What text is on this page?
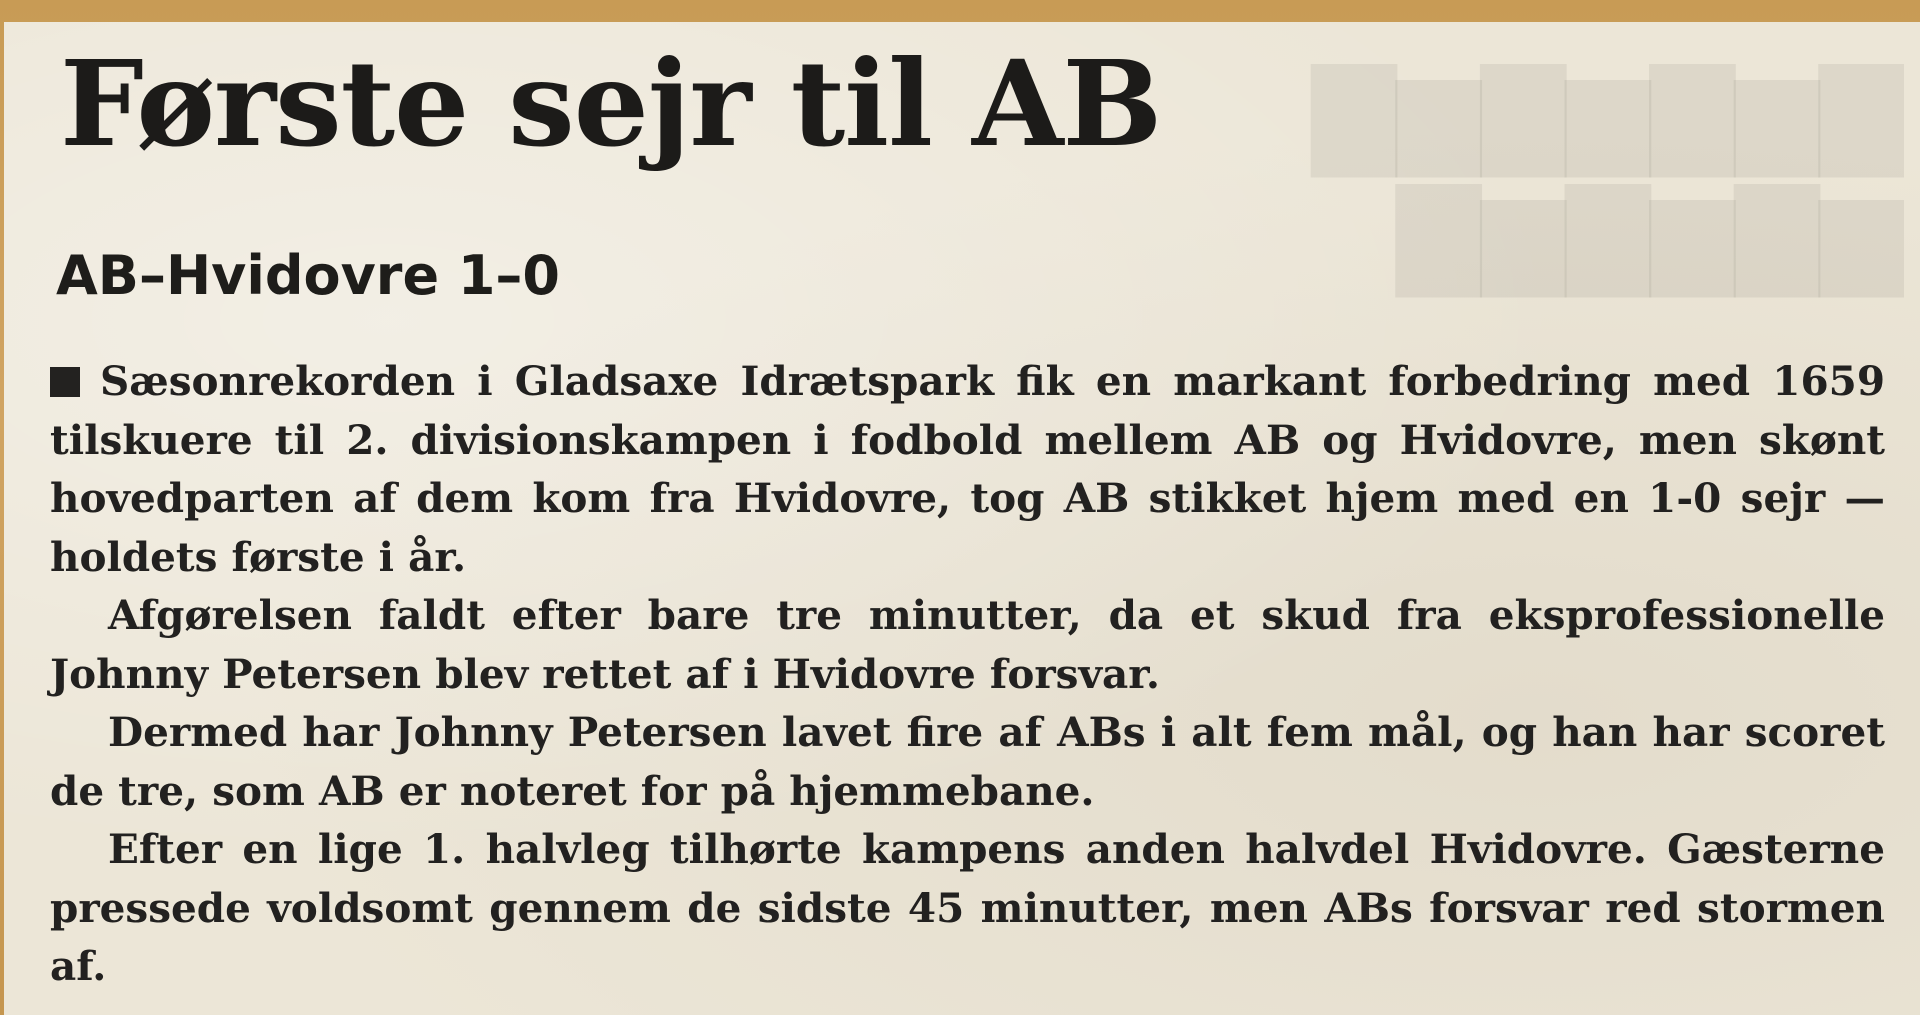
▇▆▇▆▇▆▇
▆▇▆▇▆▇
Første sejr til AB
AB–Hvidovre 1–0

Sæsonrekorden i Gladsaxe Idrætspark fik en markant forbedring med 1659 tilskuere til 2. divisionskampen i fodbold mellem AB og Hvidovre, men skønt hovedparten af dem kom fra Hvidovre, tog AB stikket hjem med en 1-0 sejr — holdets første i år.

Afgørelsen faldt efter bare tre minutter, da et skud fra eksprofessionelle Johnny Petersen blev rettet af i Hvidovre forsvar.

Dermed har Johnny Petersen lavet fire af ABs i alt fem mål, og han har scoret de tre, som AB er noteret for på hjemmebane.

Efter en lige 1. halvleg tilhørte kampens anden halvdel Hvidovre. Gæsterne pressede voldsomt gennem de sidste 45 minutter, men ABs forsvar red stormen af.
